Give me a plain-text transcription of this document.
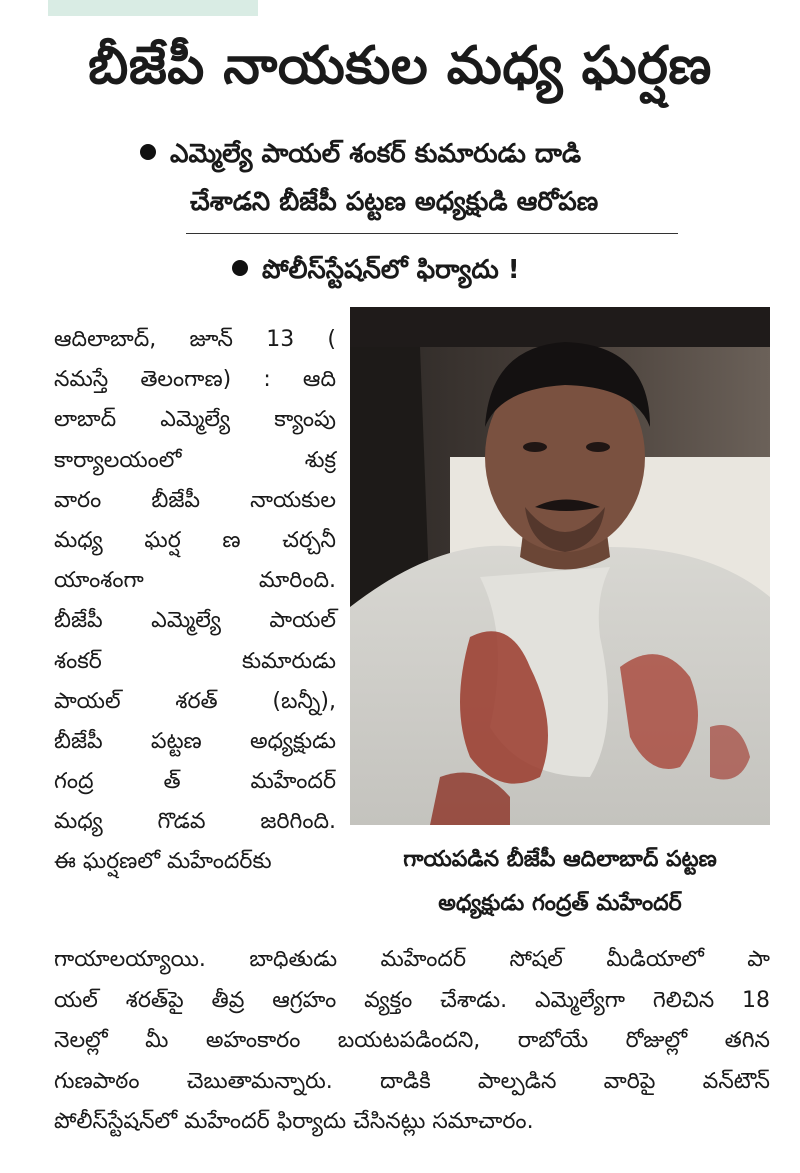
బీజేపీ నాయకుల మధ్య ఘర్షణ
ఎమ్మెల్యే పాయల్ శంకర్ కుమారుడు దాడి
చేశాడని బీజేపీ పట్టణ అధ్యక్షుడి ఆరోపణ
పోలీస్‌స్టేషన్‌లో ఫిర్యాదు !
ఆదిలాబాద్, జూన్ 13 (
నమస్తే తెలంగాణ) : ఆది
లాబాద్ ఎమ్మెల్యే క్యాంపు
కార్యాలయంలో శుక్ర
వారం బీజేపీ నాయకుల
మధ్య ఘర్ష ణ చర్చనీ
యాంశంగా మారింది.
బీజేపీ ఎమ్మెల్యే పాయల్
శంకర్ కుమారుడు
పాయల్ శరత్ (బన్నీ),
బీజేపీ పట్టణ అధ్యక్షుడు
గంద్ర త్ మహేందర్
మధ్య గొడవ జరిగింది.
ఈ ఘర్షణలో మహేందర్‌కు	గాయపడిన బీజేపీ ఆదిలాబాద్ పట్టణ
అధ్యక్షుడు గంద్రత్ మహేందర్
గాయాలయ్యాయి. బాధితుడు మహేందర్ సోషల్ మీడియాలో పా
యల్ శరత్‌పై తీవ్ర ఆగ్రహం వ్యక్తం చేశాడు. ఎమ్మెల్యేగా గెలిచిన 18
నెలల్లో మీ అహంకారం బయటపడిందని, రాబోయే రోజుల్లో తగిన
గుణపాఠం చెబుతామన్నారు. దాడికి పాల్పడిన వారిపై వన్‌టౌన్
పోలీస్‌స్టేషన్‌లో మహేందర్ ఫిర్యాదు చేసినట్లు సమాచారం.
